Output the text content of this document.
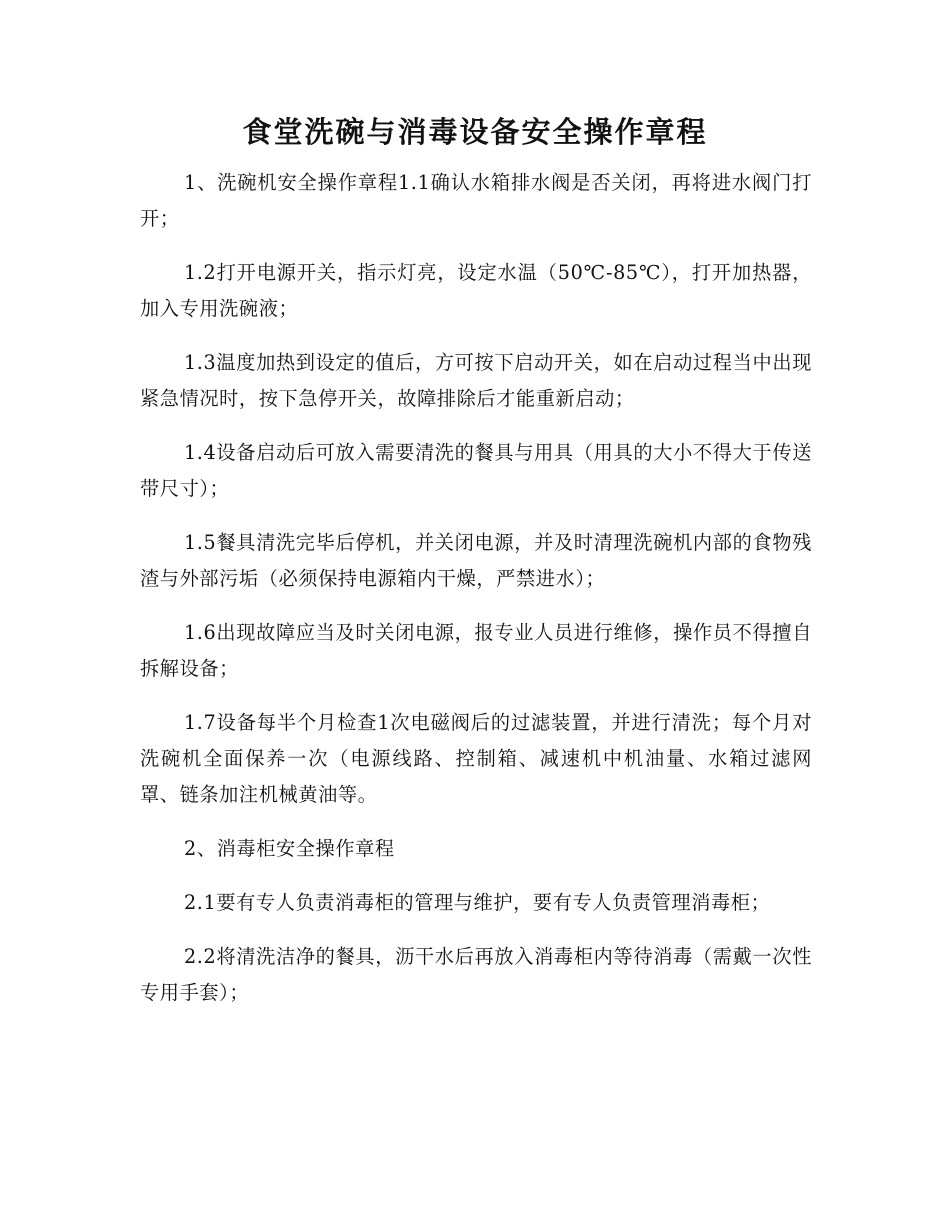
食堂洗碗与消毒设备安全操作章程

1、洗碗机安全操作章程1.1确认水箱排水阀是否关闭，再将进水阀门打开；

1.2打开电源开关，指示灯亮，设定水温（50℃-85℃），打开加热器，加入专用洗碗液；

1.3温度加热到设定的值后，方可按下启动开关，如在启动过程当中出现紧急情况时，按下急停开关，故障排除后才能重新启动；

1.4设备启动后可放入需要清洗的餐具与用具（用具的大小不得大于传送带尺寸）；

1.5餐具清洗完毕后停机，并关闭电源，并及时清理洗碗机内部的食物残渣与外部污垢（必须保持电源箱内干燥，严禁进水）；

1.6出现故障应当及时关闭电源，报专业人员进行维修，操作员不得擅自拆解设备；

1.7设备每半个月检查1次电磁阀后的过滤装置，并进行清洗；每个月对洗碗机全面保养一次（电源线路、控制箱、减速机中机油量、水箱过滤网罩、链条加注机械黄油等。

2、消毒柜安全操作章程

2.1要有专人负责消毒柜的管理与维护，要有专人负责管理消毒柜；

2.2将清洗洁净的餐具，沥干水后再放入消毒柜内等待消毒（需戴一次性专用手套）；
